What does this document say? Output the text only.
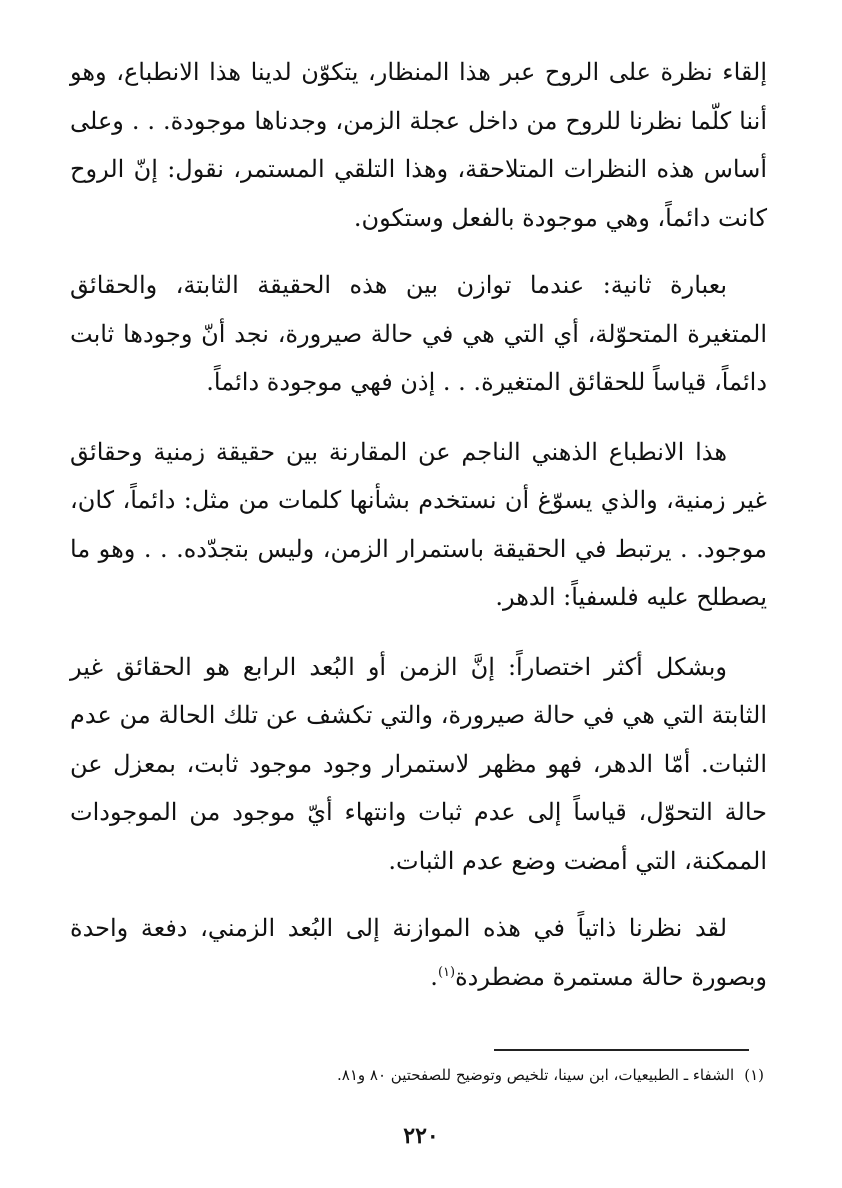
إلقاء نظرة على الروح عبر هذا المنظار، يتكوّن لدينا هذا الانطباع، وهو أننا كلّما نظرنا للروح من داخل عجلة الزمن، وجدناها موجودة. . . وعلى أساس هذه النظرات المتلاحقة، وهذا التلقي المستمر، نقول: إنّ الروح كانت دائماً، وهي موجودة بالفعل وستكون.

بعبارة ثانية: عندما توازن بين هذه الحقيقة الثابتة، والحقائق المتغيرة المتحوّلة، أي التي هي في حالة صيرورة، نجد أنّ وجودها ثابت دائماً، قياساً للحقائق المتغيرة. . . إذن فهي موجودة دائماً.

هذا الانطباع الذهني الناجم عن المقارنة بين حقيقة زمنية وحقائق غير زمنية، والذي يسوّغ أن نستخدم بشأنها كلمات من مثل: دائماً، كان، موجود. . يرتبط في الحقيقة باستمرار الزمن، وليس بتجدّده. . . وهو ما يصطلح عليه فلسفياً: الدهر.

وبشكل أكثر اختصاراً: إنَّ الزمن أو البُعد الرابع هو الحقائق غير الثابتة التي هي في حالة صيرورة، والتي تكشف عن تلك الحالة من عدم الثبات. أمّا الدهر، فهو مظهر لاستمرار وجود موجود ثابت، بمعزل عن حالة التحوّل، قياساً إلى عدم ثبات وانتهاء أيّ موجود من الموجودات الممكنة، التي أمضت وضع عدم الثبات.

لقد نظرنا ذاتياً في هذه الموازنة إلى البُعد الزمني، دفعة واحدة وبصورة حالة مستمرة مضطردة$^{(١)}$.

(١)الشفاء ـ الطبيعيات، ابن سينا، تلخيص وتوضيح للصفحتين ٨٠ و٨١.
٢٢٠
